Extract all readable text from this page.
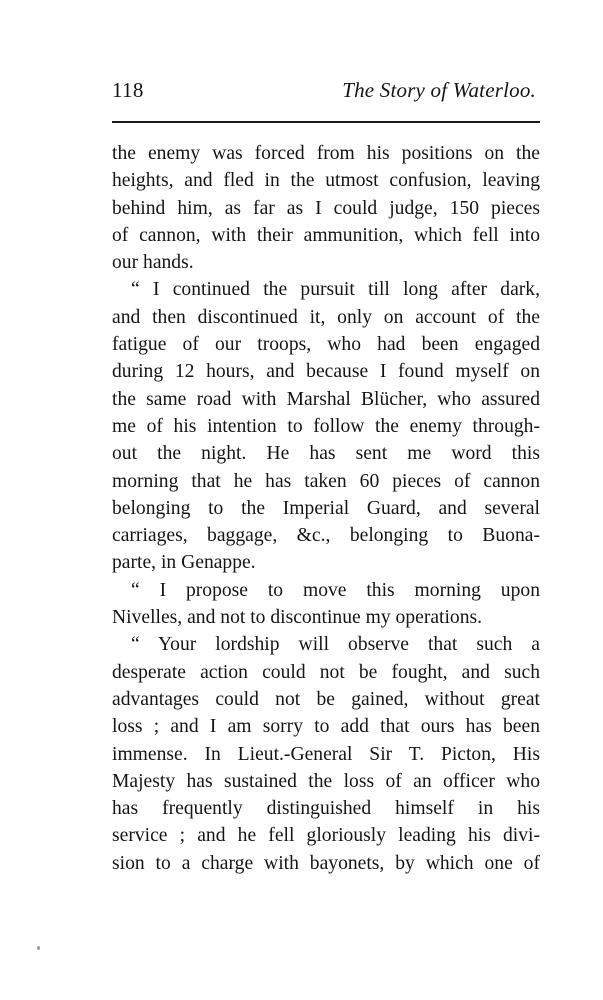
118	The Story of Waterloo.
the enemy was forced from his positions on the
heights, and fled in the utmost confusion, leaving
behind him, as far as I could judge, 150 pieces
of cannon, with their ammunition, which fell into
our hands.
“ I continued the pursuit till long after dark,
and then discontinued it, only on account of the
fatigue of our troops, who had been engaged
during 12 hours, and because I found myself on
the same road with Marshal Blücher, who assured
me of his intention to follow the enemy through-
out the night. He has sent me word this
morning that he has taken 60 pieces of cannon
belonging to the Imperial Guard, and several
carriages, baggage, &c., belonging to Buona-
parte, in Genappe.
“ I propose to move this morning upon
Nivelles, and not to discontinue my operations.
“ Your lordship will observe that such a
desperate action could not be fought, and such
advantages could not be gained, without great
loss ; and I am sorry to add that ours has been
immense. In Lieut.-General Sir T. Picton, His
Majesty has sustained the loss of an officer who
has frequently distinguished himself in his
service ; and he fell gloriously leading his divi-
sion to a charge with bayonets, by which one of
